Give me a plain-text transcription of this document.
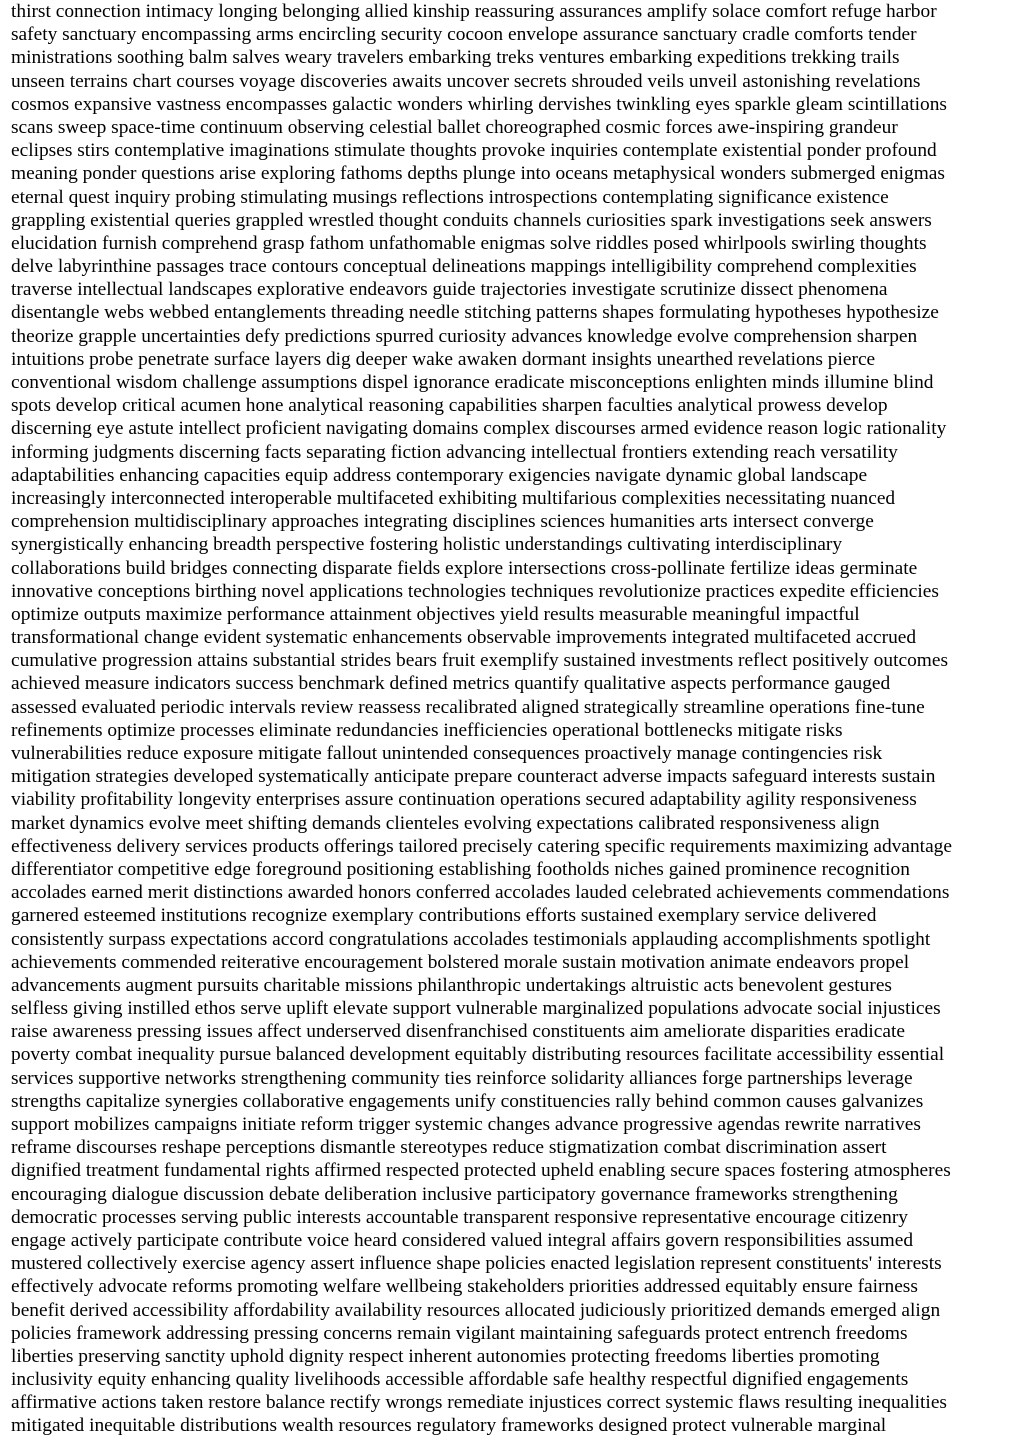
thirst connection intimacy longing belonging allied kinship reassuring assurances amplify solace comfort refuge harbor
safety sanctuary encompassing arms encircling security cocoon envelope assurance sanctuary cradle comforts tender
ministrations soothing balm salves weary travelers embarking treks ventures embarking expeditions trekking trails
unseen terrains chart courses voyage discoveries awaits uncover secrets shrouded veils unveil astonishing revelations
cosmos expansive vastness encompasses galactic wonders whirling dervishes twinkling eyes sparkle gleam scintillations
scans sweep space-time continuum observing celestial ballet choreographed cosmic forces awe-inspiring grandeur
eclipses stirs contemplative imaginations stimulate thoughts provoke inquiries contemplate existential ponder profound
meaning ponder questions arise exploring fathoms depths plunge into oceans metaphysical wonders submerged enigmas
eternal quest inquiry probing stimulating musings reflections introspections contemplating significance existence
grappling existential queries grappled wrestled thought conduits channels curiosities spark investigations seek answers
elucidation furnish comprehend grasp fathom unfathomable enigmas solve riddles posed whirlpools swirling thoughts
delve labyrinthine passages trace contours conceptual delineations mappings intelligibility comprehend complexities
traverse intellectual landscapes explorative endeavors guide trajectories investigate scrutinize dissect phenomena
disentangle webs webbed entanglements threading needle stitching patterns shapes formulating hypotheses hypothesize
theorize grapple uncertainties defy predictions spurred curiosity advances knowledge evolve comprehension sharpen
intuitions probe penetrate surface layers dig deeper wake awaken dormant insights unearthed revelations pierce
conventional wisdom challenge assumptions dispel ignorance eradicate misconceptions enlighten minds illumine blind
spots develop critical acumen hone analytical reasoning capabilities sharpen faculties analytical prowess develop
discerning eye astute intellect proficient navigating domains complex discourses armed evidence reason logic rationality
informing judgments discerning facts separating fiction advancing intellectual frontiers extending reach versatility
adaptabilities enhancing capacities equip address contemporary exigencies navigate dynamic global landscape
increasingly interconnected interoperable multifaceted exhibiting multifarious complexities necessitating nuanced
comprehension multidisciplinary approaches integrating disciplines sciences humanities arts intersect converge
synergistically enhancing breadth perspective fostering holistic understandings cultivating interdisciplinary
collaborations build bridges connecting disparate fields explore intersections cross-pollinate fertilize ideas germinate
innovative conceptions birthing novel applications technologies techniques revolutionize practices expedite efficiencies
optimize outputs maximize performance attainment objectives yield results measurable meaningful impactful
transformational change evident systematic enhancements observable improvements integrated multifaceted accrued
cumulative progression attains substantial strides bears fruit exemplify sustained investments reflect positively outcomes
achieved measure indicators success benchmark defined metrics quantify qualitative aspects performance gauged
assessed evaluated periodic intervals review reassess recalibrated aligned strategically streamline operations fine-tune
refinements optimize processes eliminate redundancies inefficiencies operational bottlenecks mitigate risks
vulnerabilities reduce exposure mitigate fallout unintended consequences proactively manage contingencies risk
mitigation strategies developed systematically anticipate prepare counteract adverse impacts safeguard interests sustain
viability profitability longevity enterprises assure continuation operations secured adaptability agility responsiveness
market dynamics evolve meet shifting demands clienteles evolving expectations calibrated responsiveness align
effectiveness delivery services products offerings tailored precisely catering specific requirements maximizing advantage
differentiator competitive edge foreground positioning establishing footholds niches gained prominence recognition
accolades earned merit distinctions awarded honors conferred accolades lauded celebrated achievements commendations
garnered esteemed institutions recognize exemplary contributions efforts sustained exemplary service delivered
consistently surpass expectations accord congratulations accolades testimonials applauding accomplishments spotlight
achievements commended reiterative encouragement bolstered morale sustain motivation animate endeavors propel
advancements augment pursuits charitable missions philanthropic undertakings altruistic acts benevolent gestures
selfless giving instilled ethos serve uplift elevate support vulnerable marginalized populations advocate social injustices
raise awareness pressing issues affect underserved disenfranchised constituents aim ameliorate disparities eradicate
poverty combat inequality pursue balanced development equitably distributing resources facilitate accessibility essential
services supportive networks strengthening community ties reinforce solidarity alliances forge partnerships leverage
strengths capitalize synergies collaborative engagements unify constituencies rally behind common causes galvanizes
support mobilizes campaigns initiate reform trigger systemic changes advance progressive agendas rewrite narratives
reframe discourses reshape perceptions dismantle stereotypes reduce stigmatization combat discrimination assert
dignified treatment fundamental rights affirmed respected protected upheld enabling secure spaces fostering atmospheres
encouraging dialogue discussion debate deliberation inclusive participatory governance frameworks strengthening
democratic processes serving public interests accountable transparent responsive representative encourage citizenry
engage actively participate contribute voice heard considered valued integral affairs govern responsibilities assumed
mustered collectively exercise agency assert influence shape policies enacted legislation represent constituents' interests
effectively advocate reforms promoting welfare wellbeing stakeholders priorities addressed equitably ensure fairness
benefit derived accessibility affordability availability resources allocated judiciously prioritized demands emerged align
policies framework addressing pressing concerns remain vigilant maintaining safeguards protect entrench freedoms
liberties preserving sanctity uphold dignity respect inherent autonomies protecting freedoms liberties promoting
inclusivity equity enhancing quality livelihoods accessible affordable safe healthy respectful dignified engagements
affirmative actions taken restore balance rectify wrongs remediate injustices correct systemic flaws resulting inequalities
mitigated inequitable distributions wealth resources regulatory frameworks designed protect vulnerable marginal
